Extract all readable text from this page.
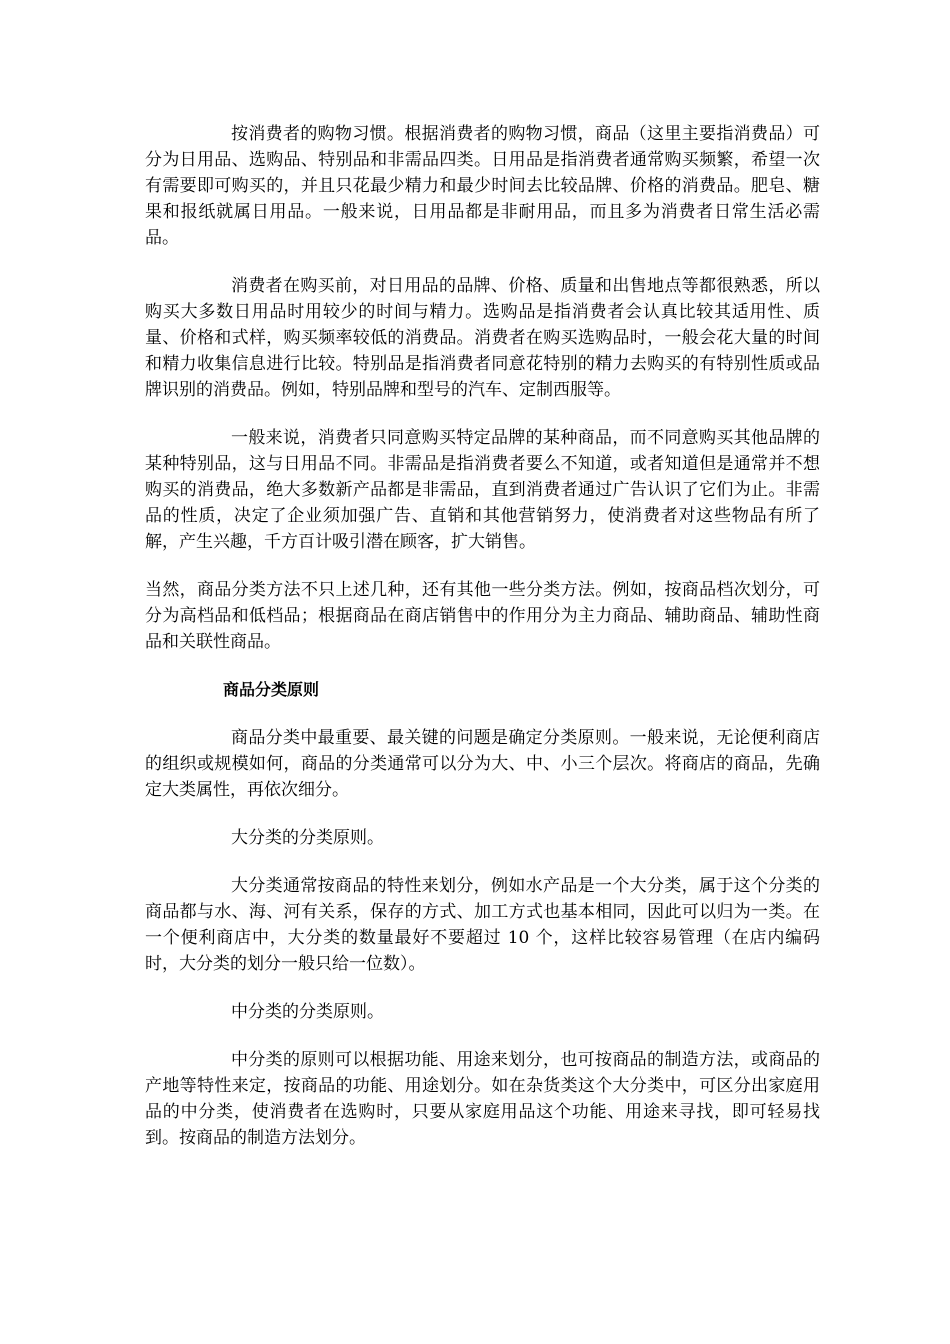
按消费者的购物习惯。根据消费者的购物习惯，商品（这里主要指消费品）可分为日用品、选购品、特别品和非需品四类。日用品是指消费者通常购买频繁，希望一次有需要即可购买的，并且只花最少精力和最少时间去比较品牌、价格的消费品。肥皂、糖果和报纸就属日用品。一般来说，日用品都是非耐用品，而且多为消费者日常生活必需品。

消费者在购买前，对日用品的品牌、价格、质量和出售地点等都很熟悉，所以购买大多数日用品时用较少的时间与精力。选购品是指消费者会认真比较其适用性、质量、价格和式样，购买频率较低的消费品。消费者在购买选购品时，一般会花大量的时间和精力收集信息进行比较。特别品是指消费者同意花特别的精力去购买的有特别性质或品牌识别的消费品。例如，特别品牌和型号的汽车、定制西服等。

一般来说，消费者只同意购买特定品牌的某种商品，而不同意购买其他品牌的某种特别品，这与日用品不同。非需品是指消费者要么不知道，或者知道但是通常并不想购买的消费品，绝大多数新产品都是非需品，直到消费者通过广告认识了它们为止。非需品的性质，决定了企业须加强广告、直销和其他营销努力，使消费者对这些物品有所了解，产生兴趣，千方百计吸引潜在顾客，扩大销售。

当然，商品分类方法不只上述几种，还有其他一些分类方法。例如，按商品档次划分，可分为高档品和低档品；根据商品在商店销售中的作用分为主力商品、辅助商品、辅助性商品和关联性商品。

商品分类原则

商品分类中最重要、最关键的问题是确定分类原则。一般来说，无论便利商店的组织或规模如何，商品的分类通常可以分为大、中、小三个层次。将商店的商品，先确定大类属性，再依次细分。

大分类的分类原则。

大分类通常按商品的特性来划分，例如水产品是一个大分类，属于这个分类的商品都与水、海、河有关系，保存的方式、加工方式也基本相同，因此可以归为一类。在一个便利商店中，大分类的数量最好不要超过 10 个，这样比较容易管理（在店内编码时，大分类的划分一般只给一位数）。

中分类的分类原则。

中分类的原则可以根据功能、用途来划分，也可按商品的制造方法，或商品的产地等特性来定，按商品的功能、用途划分。如在杂货类这个大分类中，可区分出家庭用品的中分类，使消费者在选购时，只要从家庭用品这个功能、用途来寻找，即可轻易找到。按商品的制造方法划分。
